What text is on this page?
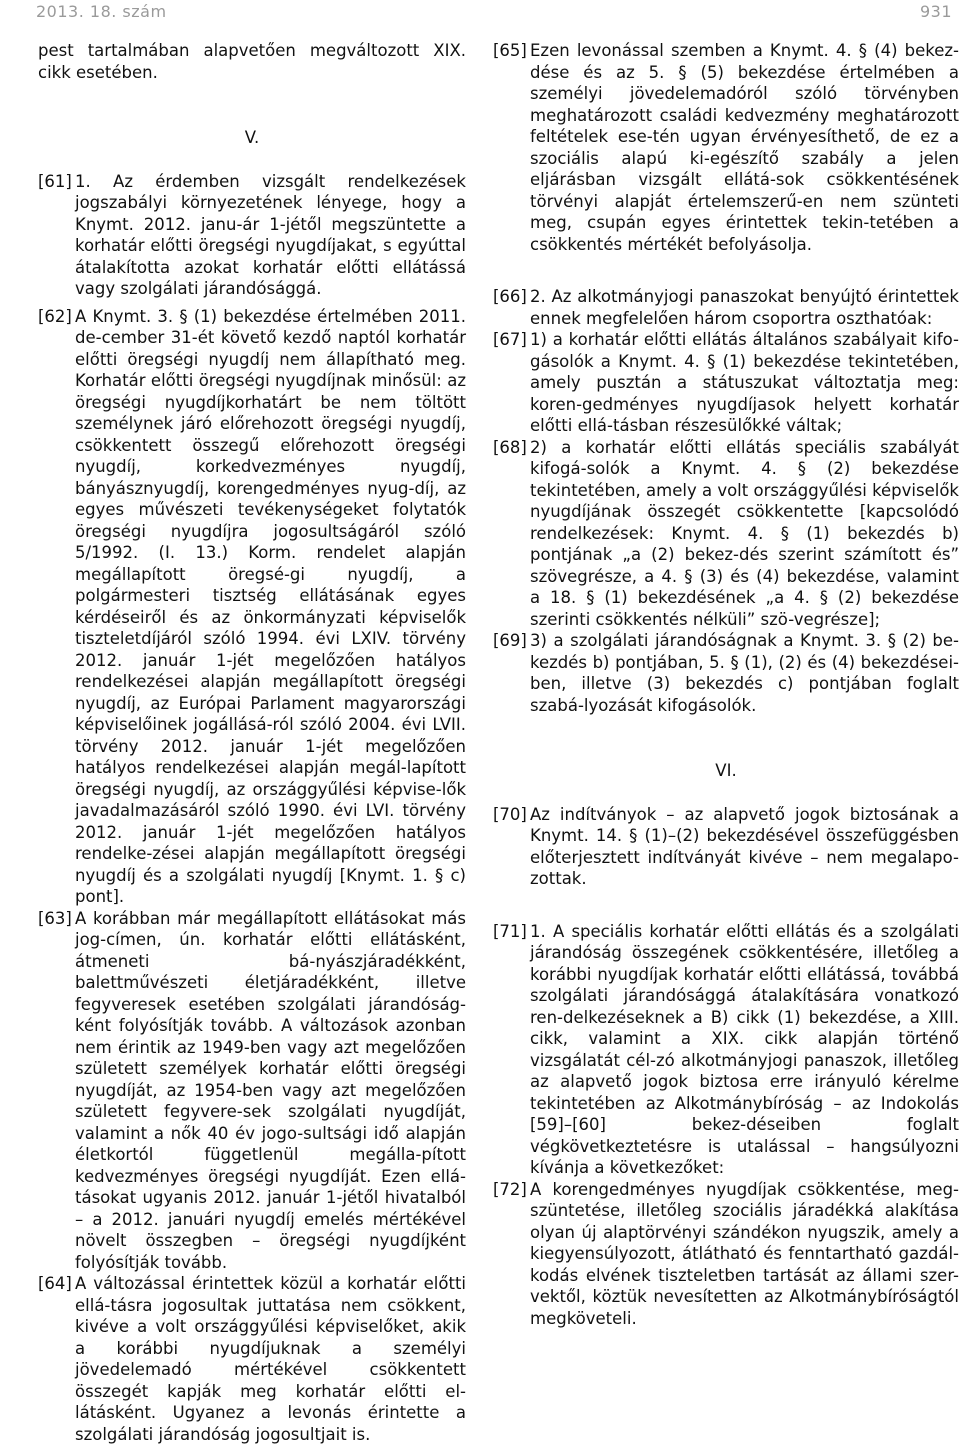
2013. 18. szám	931

pest tartalmában alapvetően megváltozott XIX. cikk esetében.

V.

[61] 1. Az érdemben vizsgált rendelkezések jogszabályi környezetének lényege, hogy a Knymt. 2012. janu-ár 1-jétől megszüntette a korhatár előtti öregségi nyugdíjakat, s egyúttal átalakította azokat korhatár előtti ellátássá vagy szolgálati járandósággá.
[62] A Knymt. 3. § (1) bekezdése értelmében 2011. de-cember 31-ét követő kezdő naptól korhatár előtti öregségi nyugdíj nem állapítható meg. Korhatár előtti öregségi nyugdíjnak minősül: az öregségi nyugdíjkorhatárt be nem töltött személynek járó előrehozott öregségi nyugdíj, csökkentett összegű előrehozott öregségi nyugdíj, korkedvezményes nyugdíj, bányásznyugdíj, korengedményes nyug-díj, az egyes művészeti tevékenységeket folytatók öregségi nyugdíjra jogosultságáról szóló 5/1992. (I. 13.) Korm. rendelet alapján megállapított öregsé-gi nyugdíj, a polgármesteri tisztség ellátásának egyes kérdéseiről és az önkormányzati képviselők tiszteletdíjáról szóló 1994. évi LXIV. törvény 2012. január 1-jét megelőzően hatályos rendelkezései alapján megállapított öregségi nyugdíj, az Európai Parlament magyarországi képviselőinek jogállásá-ról szóló 2004. évi LVII. törvény 2012. január 1-jét megelőzően hatályos rendelkezései alapján megál-lapított öregségi nyugdíj, az országgyűlési képvise-lők javadalmazásáról szóló 1990. évi LVI. törvény 2012. január 1-jét megelőzően hatályos rendelke-zései alapján megállapított öregségi nyugdíj és a szolgálati nyugdíj [Knymt. 1. § c) pont].
[63] A korábban már megállapított ellátásokat más jog-címen, ún. korhatár előtti ellátásként, átmeneti bá-nyászjáradékként, balettművészeti életjáradékként, illetve fegyveresek esetében szolgálati járandóság-ként folyósítják tovább. A változások azonban nem érintik az 1949-ben vagy azt megelőzően született személyek korhatár előtti öregségi nyugdíját, az 1954-ben vagy azt megelőzően született fegyvere-sek szolgálati nyugdíját, valamint a nők 40 év jogo-sultsági idő alapján életkortól függetlenül megálla-pított kedvezményes öregségi nyugdíját. Ezen ellá-tásokat ugyanis 2012. január 1-jétől hivatalból – a 2012. januári nyugdíj emelés mértékével növelt összegben – öregségi nyugdíjként folyósítják tovább.
[64] A változással érintettek közül a korhatár előtti ellá-tásra jogosultak juttatása nem csökkent, kivéve a volt országgyűlési képviselőket, akik a korábbi nyugdíjuknak a személyi jövedelemadó mértékével csökkentett összegét kapják meg korhatár előtti el-látásként. Ugyanez a levonás érintette a szolgálati járandóság jogosultjait is.
[65] Ezen levonással szemben a Knymt. 4. § (4) bekez-dése és az 5. § (5) bekezdése értelmében a személyi jövedelemadóról szóló törvényben meghatározott családi kedvezmény meghatározott feltételek ese-tén ugyan érvényesíthető, de ez a szociális alapú ki-egészítő szabály a jelen eljárásban vizsgált ellátá-sok csökkentésének törvényi alapját értelemszerű-en nem szünteti meg, csupán egyes érintettek tekin-tetében a csökkentés mértékét befolyásolja.
[66] 2. Az alkotmányjogi panaszokat benyújtó érintettek ennek megfelelően három csoportra oszthatóak:
[67] 1) a korhatár előtti ellátás általános szabályait kifo-gásolók a Knymt. 4. § (1) bekezdése tekintetében, amely pusztán a státuszukat változtatja meg: koren-gedményes nyugdíjasok helyett korhatár előtti ellá-tásban részesülőkké váltak;
[68] 2) a korhatár előtti ellátás speciális szabályát kifogá-solók a Knymt. 4. § (2) bekezdése tekintetében, amely a volt országgyűlési képviselők nyugdíjának összegét csökkentette [kapcsolódó rendelkezések: Knymt. 4. § (1) bekezdés b) pontjának „a (2) bekez-dés szerint számított és” szövegrésze, a 4. § (3) és (4) bekezdése, valamint a 18. § (1) bekezdésének „a 4. § (2) bekezdése szerinti csökkentés nélküli” szö-vegrésze];
[69] 3) a szolgálati járandóságnak a Knymt. 3. § (2) be-kezdés b) pontjában, 5. § (1), (2) és (4) bekezdései-ben, illetve (3) bekezdés c) pontjában foglalt szabá-lyozását kifogásolók.

VI.

[70] Az indítványok – az alapvető jogok biztosának a Knymt. 14. § (1)–(2) bekezdésével összefüggésben előterjesztett indítványát kivéve – nem megalapo-zottak.
[71] 1. A speciális korhatár előtti ellátás és a szolgálati járandóság összegének csökkentésére, illetőleg a korábbi nyugdíjak korhatár előtti ellátássá, továbbá szolgálati járandósággá átalakítására vonatkozó ren-delkezéseknek a B) cikk (1) bekezdése, a XIII. cikk, valamint a XIX. cikk alapján történő vizsgálatát cél-zó alkotmányjogi panaszok, illetőleg az alapvető jogok biztosa erre irányuló kérelme tekintetében az Alkotmánybíróság – az Indokolás [59]–[60] bekez-déseiben foglalt végkövetkeztetésre is utalással – hangsúlyozni kívánja a következőket:
[72] A korengedményes nyugdíjak csökkentése, meg-szüntetése, illetőleg szociális járadékká alakítása olyan új alaptörvényi szándékon nyugszik, amely a kiegyensúlyozott, átlátható és fenntartható gazdál-kodás elvének tiszteletben tartását az állami szer-vektől, köztük nevesítetten az Alkotmánybíróságtól megköveteli.
